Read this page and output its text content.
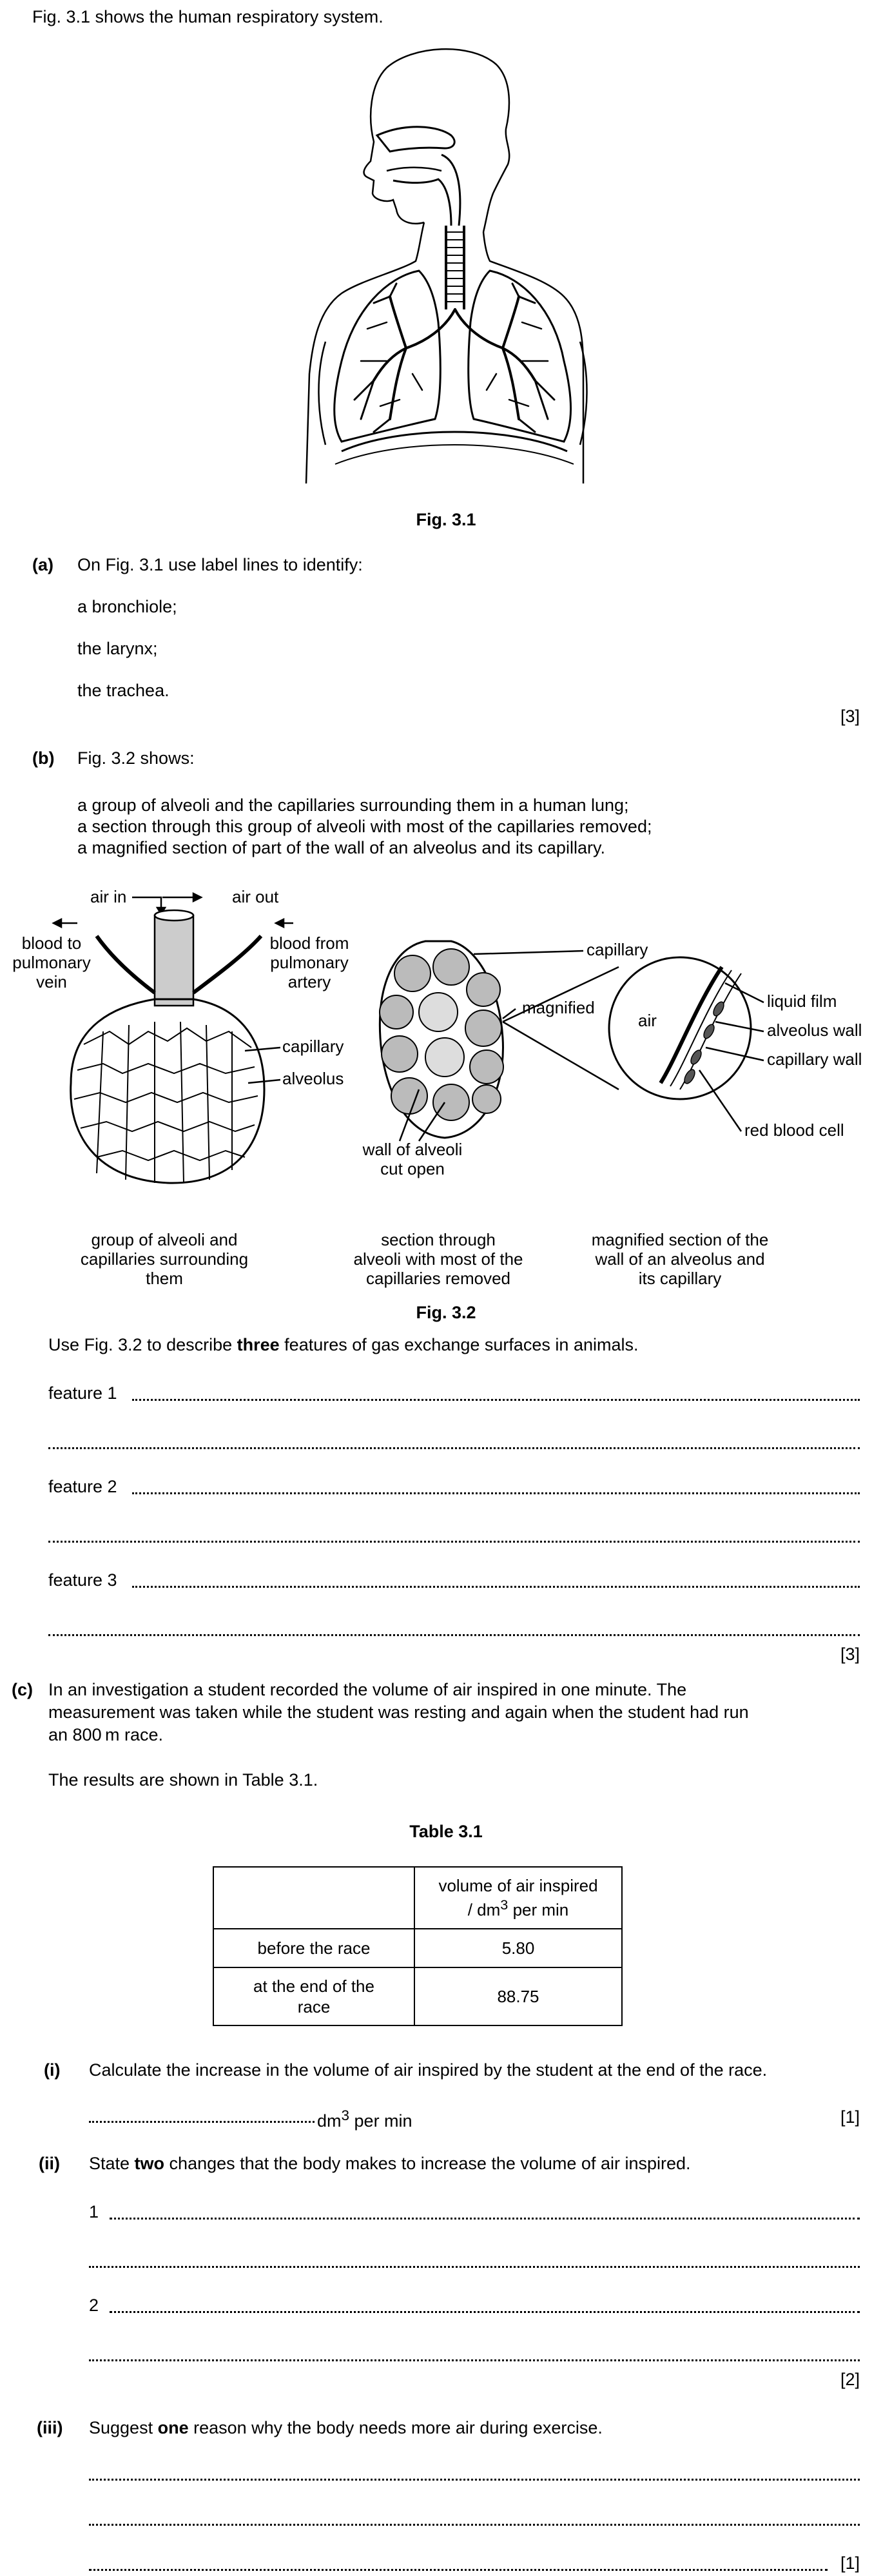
Fig. 3.1 shows the human respiratory system.
Fig. 3.1
(a) On Fig. 3.1 use label lines to identify:
a bronchiole;
the larynx;
the trachea.
[3]
(b) Fig. 3.2 shows:
a group of alveoli and the capillaries surrounding them in a human lung;
a section through this group of alveoli with most of the capillaries removed;
a magnified section of part of the wall of an alveolus and its capillary.
air in	air out
blood to
pulmonary
vein
blood from
pulmonary
artery
capillary
alveolus
capillary
magnified
wall of alveoli
cut open
air
liquid film
alveolus wall
capillary wall
red blood cell
group of alveoli and
capillaries surrounding
them
section through
alveoli with most of the
capillaries removed
magnified section of the
wall of an alveolus and
its capillary
Fig. 3.2
Use Fig. 3.2 to describe three features of gas exchange surfaces in animals.
feature 1
feature 2
feature 3
[3]
(c) In an investigation a student recorded the volume of air inspired in one minute. The
measurement was taken while the student was resting and again when the student had run
an 800 m race.
The results are shown in Table 3.1.
Table 3.1
	volume of air inspired
/ $dm^3$ per min
before the race	5.80
at the end of the
race	88.75
(i) Calculate the increase in the volume of air inspired by the student at the end of the race.
$dm^3$ per min	[1]
(ii) State two changes that the body makes to increase the volume of air inspired.
1
2
[2]
(iii) Suggest one reason why the body needs more air during exercise.
[1]
